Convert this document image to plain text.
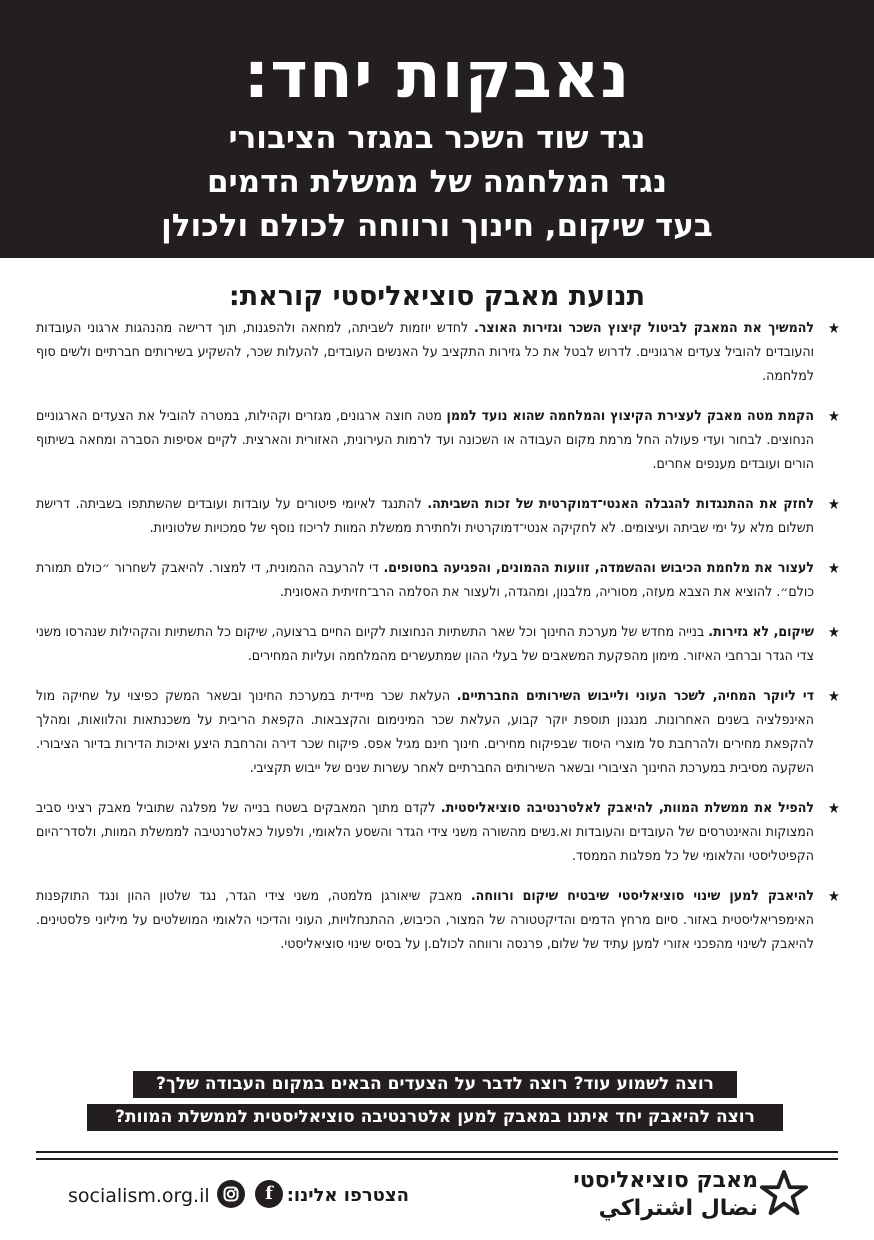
נאבקות יחד:
נגד שוד השכר במגזר הציבורי
נגד המלחמה של ממשלת הדמים
בעד שיקום, חינוך ורווחה לכולם ולכולן
תנועת מאבק סוציאליסטי קוראת:
★
להמשיך את המאבק לביטול קיצוץ השכר וגזירות האוצר. לחדש יוזמות לשביתה, למחאה ולהפגנות, תוך דרישה מהנהגות ארגוני העובדות והעובדים להוביל צעדים ארגוניים. לדרוש לבטל את כל גזירות התקציב על האנשים העובדים, להעלות שכר, להשקיע בשירותים חברתיים ולשים סוף למלחמה.
★
הקמת מטה מאבק לעצירת הקיצוץ והמלחמה שהוא נועד לממן מטה חוצה ארגונים, מגזרים וקהילות, במטרה להוביל את הצעדים הארגוניים הנחוצים. לבחור ועדי פעולה החל מרמת מקום העבודה או השכונה ועד לרמות העירונית, האזורית והארצית. לקיים אסיפות הסברה ומחאה בשיתוף הורים ועובדים מענפים אחרים.
★
לחזק את ההתנגדות להגבלה האנטי־דמוקרטית של זכות השביתה. להתנגד לאיומי פיטורים על עובדות ועובדים שהשתתפו בשביתה. דרישת תשלום מלא על ימי שביתה ועיצומים. לא לחקיקה אנטי־דמוקרטית ולחתירת ממשלת המוות לריכוז נוסף של סמכויות שלטוניות.
★
לעצור את מלחמת הכיבוש וההשמדה, זוועות ההמונים, והפגיעה בחטופים. די להרעבה ההמונית, די למצור. להיאבק לשחרור ״כולם תמורת כולם״. להוציא את הצבא מעזה, מסוריה, מלבנון, ומהגדה, ולעצור את הסלמה הרב־חזיתית האסונית.
★
שיקום, לא גזירות. בנייה מחדש של מערכת החינוך וכל שאר התשתיות הנחוצות לקיום החיים ברצועה, שיקום כל התשתיות והקהילות שנהרסו משני צדי הגדר וברחבי האיזור. מימון מהפקעת המשאבים של בעלי ההון שמתעשרים מהמלחמה ועליות המחירים.
★
די ליוקר המחיה, לשכר העוני ולייבוש השירותים החברתיים. העלאת שכר מיידית במערכת החינוך ובשאר המשק כפיצוי על שחיקה מול האינפלציה בשנים האחרונות. מנגנון תוספת יוקר קבוע, העלאת שכר המינימום והקצבאות. הקפאת הריבית על משכנתאות והלוואות, ומהלך להקפאת מחירים ולהרחבת סל מוצרי היסוד שבפיקוח מחירים. חינוך חינם מגיל אפס. פיקוח שכר דירה והרחבת היצע ואיכות הדירות בדיור הציבורי. השקעה מסיבית במערכת החינוך הציבורי ובשאר השירותים החברתיים לאחר עשרות שנים של ייבוש תקציבי.
★
להפיל את ממשלת המוות, להיאבק לאלטרנטיבה סוציאליסטית. לקדם מתוך המאבקים בשטח בנייה של מפלגה שתוביל מאבק רציני סביב המצוקות והאינטרסים של העובדים והעובדות וא.נשים מהשורה משני צידי הגדר והשסע הלאומי, ולפעול כאלטרנטיבה לממשלת המוות, ולסדר־היום הקפיטליסטי והלאומי של כל מפלגות הממסד.
★
להיאבק למען שינוי סוציאליסטי שיבטיח שיקום ורווחה. מאבק שיאורגן מלמטה, משני צידי הגדר, נגד שלטון ההון ונגד התוקפנות האימפריאליסטית באזור. סיום מרחץ הדמים והדיקטטורה של המצור, הכיבוש, ההתנחלויות, העוני והדיכוי הלאומי המושלטים על מיליוני פלסטינים. להיאבק לשינוי מהפכני אזורי למען עתיד של שלום, פרנסה ורווחה לכולם.ן על בסיס שינוי סוציאליסטי.
רוצה לשמוע עוד? רוצה לדבר על הצעדים הבאים במקום העבודה שלך?
רוצה להיאבק יחד איתנו במאבק למען אלטרנטיבה סוציאליסטית לממשלת המוות?
מאבק סוציאליסטי
نضال اشتراكي
הצטרפו אלינו:
f
socialism.org.il
